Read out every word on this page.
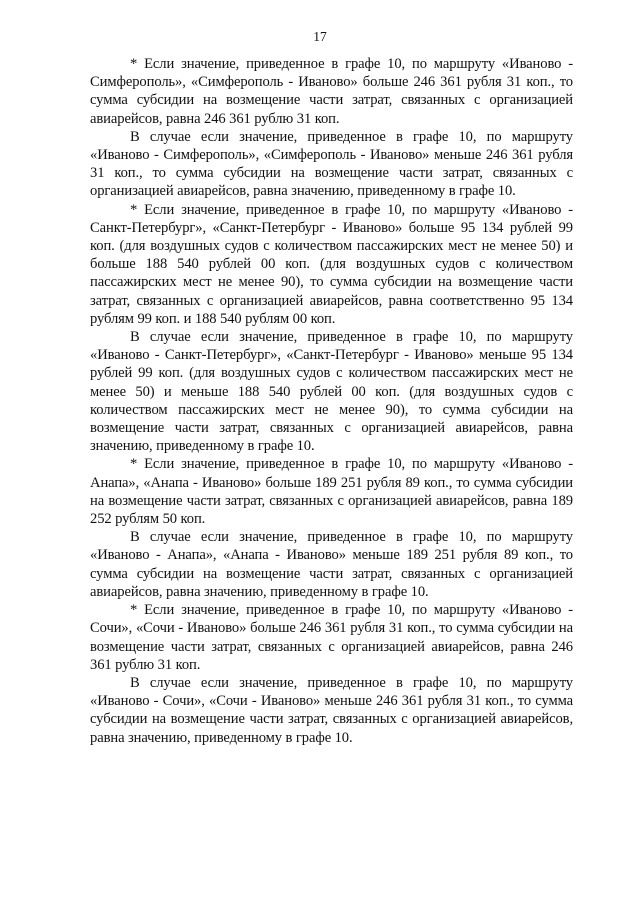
17

* Если значение, приведенное в графе 10, по маршруту «Иваново - Симферополь», «Симферополь - Иваново» больше 246 361 рубля 31 коп., то сумма субсидии на возмещение части затрат, связанных с организацией авиарейсов, равна 246 361 рублю 31 коп.

В случае если значение, приведенное в графе 10, по маршруту «Иваново - Симферополь», «Симферополь - Иваново» меньше 246 361 рубля 31 коп., то сумма субсидии на возмещение части затрат, связанных с организацией авиарейсов, равна значению, приведенному в графе 10.

* Если значение, приведенное в графе 10, по маршруту «Иваново - Санкт-Петербург», «Санкт-Петербург - Иваново» больше 95 134 рублей 99 коп. (для воздушных судов с количеством пассажирских мест не менее 50) и больше 188 540 рублей 00 коп. (для воздушных судов с количеством пассажирских мест не менее 90), то сумма субсидии на возмещение части затрат, связанных с организацией авиарейсов, равна соответственно 95 134 рублям 99 коп. и 188 540 рублям 00 коп.

В случае если значение, приведенное в графе 10, по маршруту «Иваново - Санкт-Петербург», «Санкт-Петербург - Иваново» меньше 95 134 рублей 99 коп. (для воздушных судов с количеством пассажирских мест не менее 50) и меньше 188 540 рублей 00 коп. (для воздушных судов с количеством пассажирских мест не менее 90), то сумма субсидии на возмещение части затрат, связанных с организацией авиарейсов, равна значению, приведенному в графе 10.

* Если значение, приведенное в графе 10, по маршруту «Иваново - Анапа», «Анапа - Иваново» больше 189 251 рубля 89 коп., то сумма субсидии на возмещение части затрат, связанных с организацией авиарейсов, равна 189 252 рублям 50 коп.

В случае если значение, приведенное в графе 10, по маршруту «Иваново - Анапа», «Анапа - Иваново» меньше 189 251 рубля 89 коп., то сумма субсидии на возмещение части затрат, связанных с организацией авиарейсов, равна значению, приведенному в графе 10.

* Если значение, приведенное в графе 10, по маршруту «Иваново - Сочи», «Сочи - Иваново» больше 246 361 рубля 31 коп., то сумма субсидии на возмещение части затрат, связанных с организацией авиарейсов, равна 246 361 рублю 31 коп.

В случае если значение, приведенное в графе 10, по маршруту «Иваново - Сочи», «Сочи - Иваново» меньше 246 361 рубля 31 коп., то сумма субсидии на возмещение части затрат, связанных с организацией авиарейсов, равна значению, приведенному в графе 10.
